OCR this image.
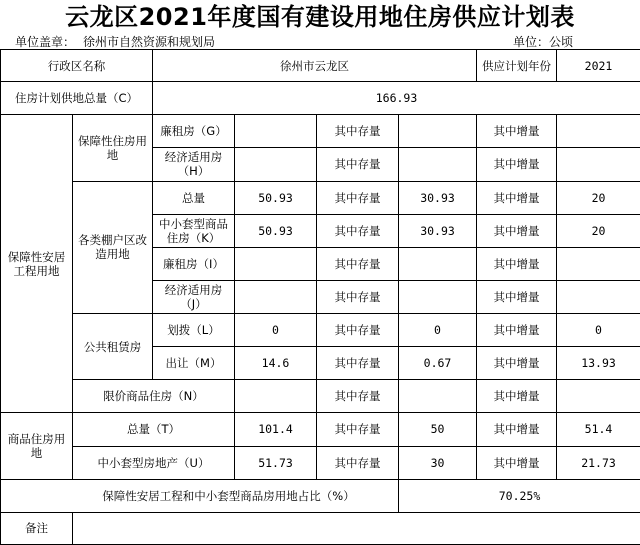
云龙区2021年度国有建设用地住房供应计划表
单位盖章： 徐州市自然资源和规划局	单位：公顷
行政区名称		徐州市云龙区				供应计划年份	2021
住房计划供地总量（C）		166.93					
保障性安居工程用地	保障性住房用地	廉租房（G）		其中存量		其中增量	
		经济适用房（H）		其中存量		其中增量	
	各类棚户区改造用地	总量	50.93	其中存量	30.93	其中增量	20
		中小套型商品住房（K）	50.93	其中存量	30.93	其中增量	20
		廉租房（I）		其中存量		其中增量	
		经济适用房（J）		其中存量		其中增量	
	公共租赁房	划拨（L）	0	其中存量	0	其中增量	0
		出让（M）	14.6	其中存量	0.67	其中增量	13.93
	限价商品住房（N）			其中存量		其中增量	
商品住房用地	总量（T）		101.4	其中存量	50	其中增量	51.4
	中小套型房地产（U）		51.73	其中存量	30	其中增量	21.73
保障性安居工程和中小套型商品房用地占比（%）					70.25%		
备注							
